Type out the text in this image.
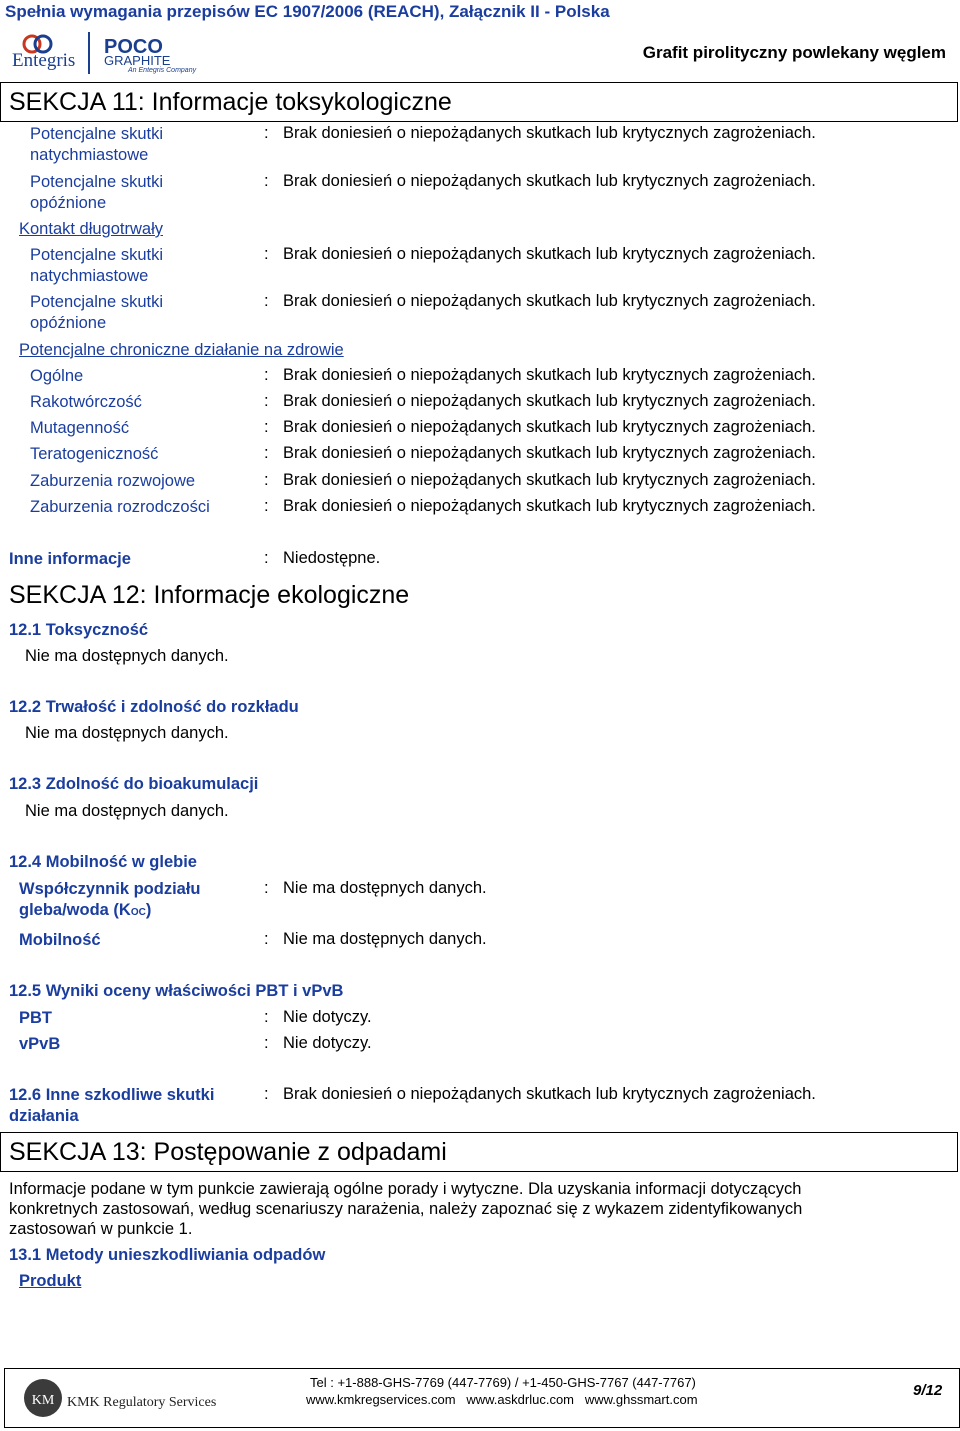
Spełnia wymagania przepisów EC 1907/2006 (REACH), Załącznik II - Polska
Entegris
POCO
GRAPHITE
An Entegris Company
Grafit pirolityczny powlekany węglem
SEKCJA 11: Informacje toksykologiczne
Potencjalne skutki
natychmiastowe
: Brak doniesień o niepożądanych skutkach lub krytycznych zagrożeniach.
Potencjalne skutki
opóźnione
: Brak doniesień o niepożądanych skutkach lub krytycznych zagrożeniach.
Kontakt długotrwały
Potencjalne skutki
natychmiastowe
: Brak doniesień o niepożądanych skutkach lub krytycznych zagrożeniach.
Potencjalne skutki
opóźnione
: Brak doniesień o niepożądanych skutkach lub krytycznych zagrożeniach.
Potencjalne chroniczne działanie na zdrowie
Ogólne	: Brak doniesień o niepożądanych skutkach lub krytycznych zagrożeniach.
Rakotwórczość	: Brak doniesień o niepożądanych skutkach lub krytycznych zagrożeniach.
Mutagenność	: Brak doniesień o niepożądanych skutkach lub krytycznych zagrożeniach.
Teratogeniczność	: Brak doniesień o niepożądanych skutkach lub krytycznych zagrożeniach.
Zaburzenia rozwojowe	: Brak doniesień o niepożądanych skutkach lub krytycznych zagrożeniach.
Zaburzenia rozrodczości	: Brak doniesień o niepożądanych skutkach lub krytycznych zagrożeniach.
Inne informacje	: Niedostępne.
SEKCJA 12: Informacje ekologiczne
12.1 Toksyczność
Nie ma dostępnych danych.
12.2 Trwałość i zdolność do rozkładu
Nie ma dostępnych danych.
12.3 Zdolność do bioakumulacji
Nie ma dostępnych danych.
12.4 Mobilność w glebie
Współczynnik podziału
gleba/woda (KOC)
: Nie ma dostępnych danych.
Mobilność	: Nie ma dostępnych danych.
12.5 Wyniki oceny właściwości PBT i vPvB
PBT	: Nie dotyczy.
vPvB	: Nie dotyczy.
12.6 Inne szkodliwe skutki
działania
: Brak doniesień o niepożądanych skutkach lub krytycznych zagrożeniach.
SEKCJA 13: Postępowanie z odpadami
Informacje podane w tym punkcie zawierają ogólne porady i wytyczne. Dla uzyskania informacji dotyczących
konkretnych zastosowań, według scenariuszy narażenia, należy zapoznać się z wykazem zidentyfikowanych
zastosowań w punkcie 1.
13.1 Metody unieszkodliwiania odpadów
Produkt
KM KMK Regulatory Services
Tel : +1-888-GHS-7769 (447-7769) / +1-450-GHS-7767 (447-7767)
www.kmkregservices.com   www.askdrluc.com   www.ghssmart.com
9/12
